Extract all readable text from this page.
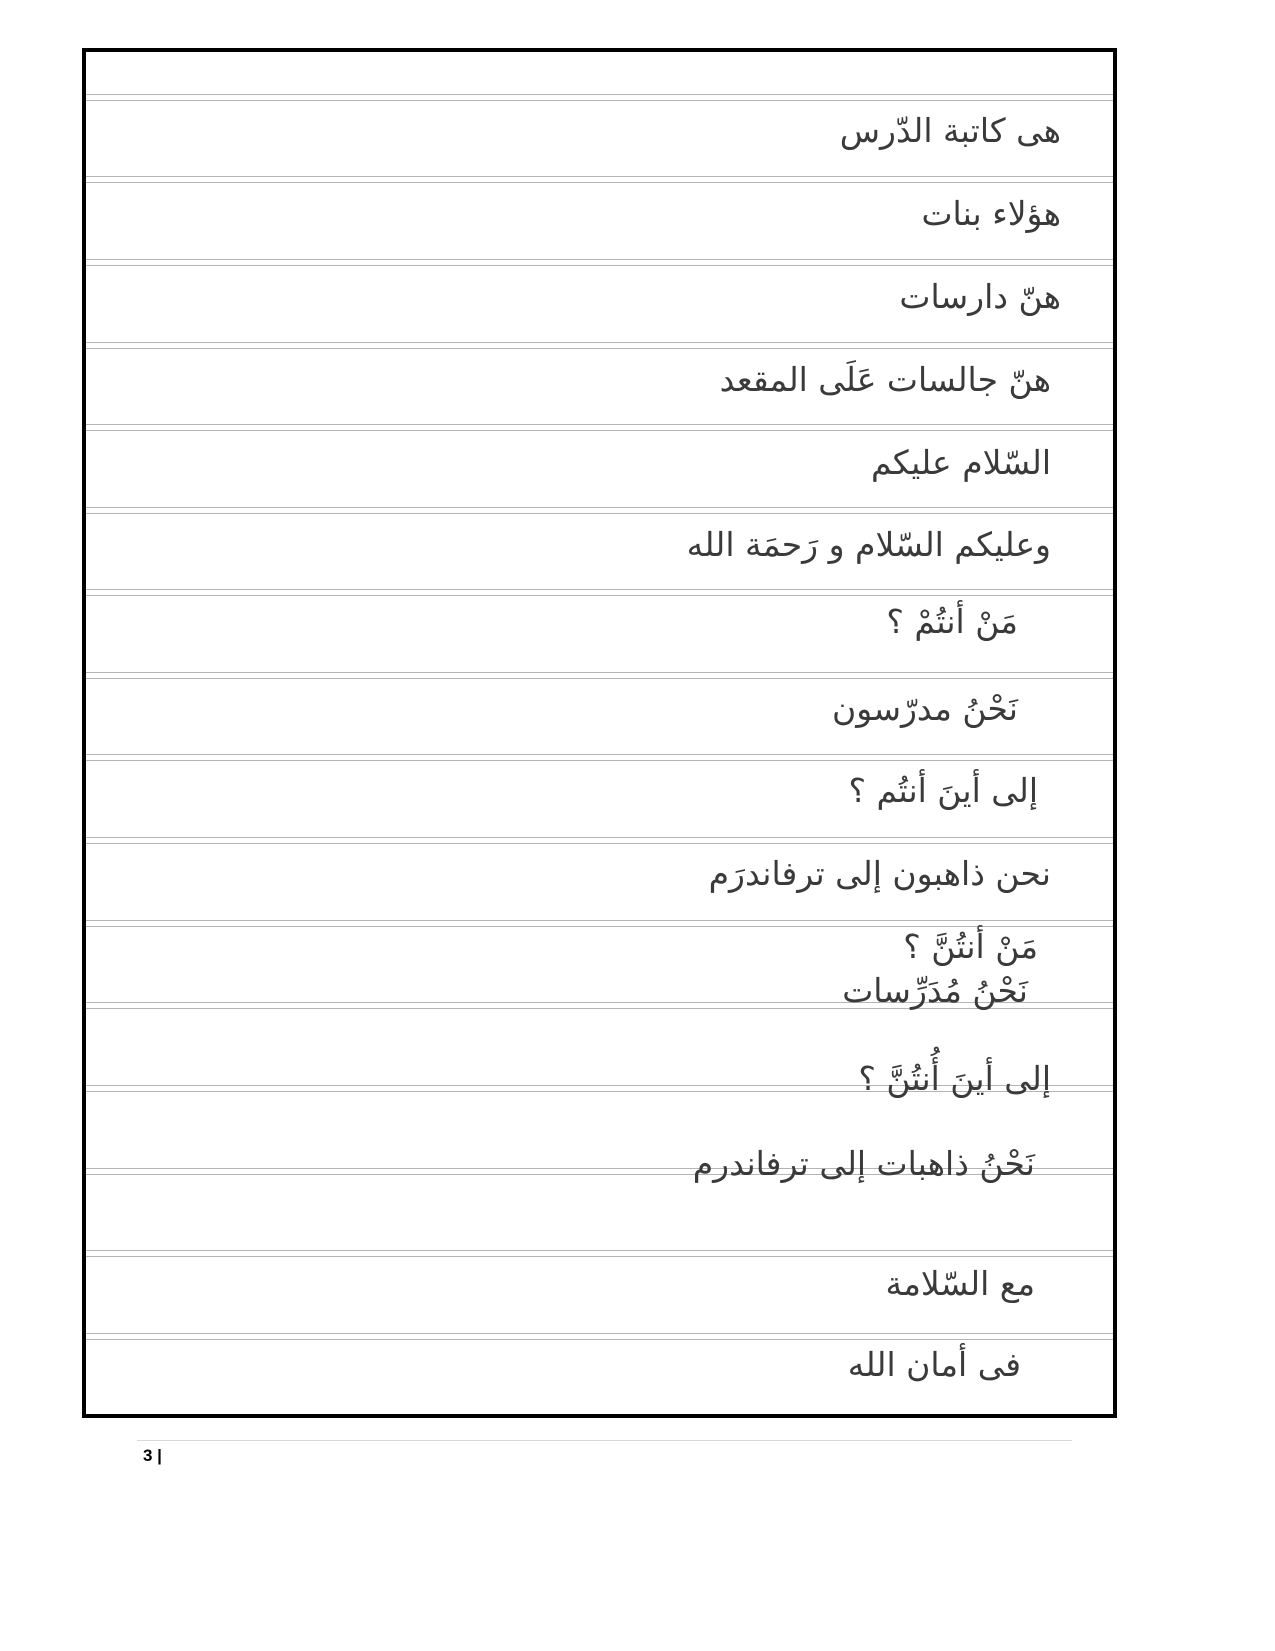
هى كاتبة الدّرس
هؤلاء بنات
هنّ دارسات
هنّ جالسات عَلَى المقعد
السّلام عليكم
وعليكم السّلام و رَحمَة الله
مَنْ أنتُمْ ؟
نَحْنُ مدرّسون
إلى أينَ أنتُم ؟
نحن ذاهبون إلى ترفاندرَم
مَنْ أنتُنَّ ؟
نَحْنُ مُدَرِّسات
إلى أينَ أُنتُنَّ ؟
نَحْنُ ذاهبات إلى ترفاندرم
مع السّلامة
فى أمان الله
3 |
